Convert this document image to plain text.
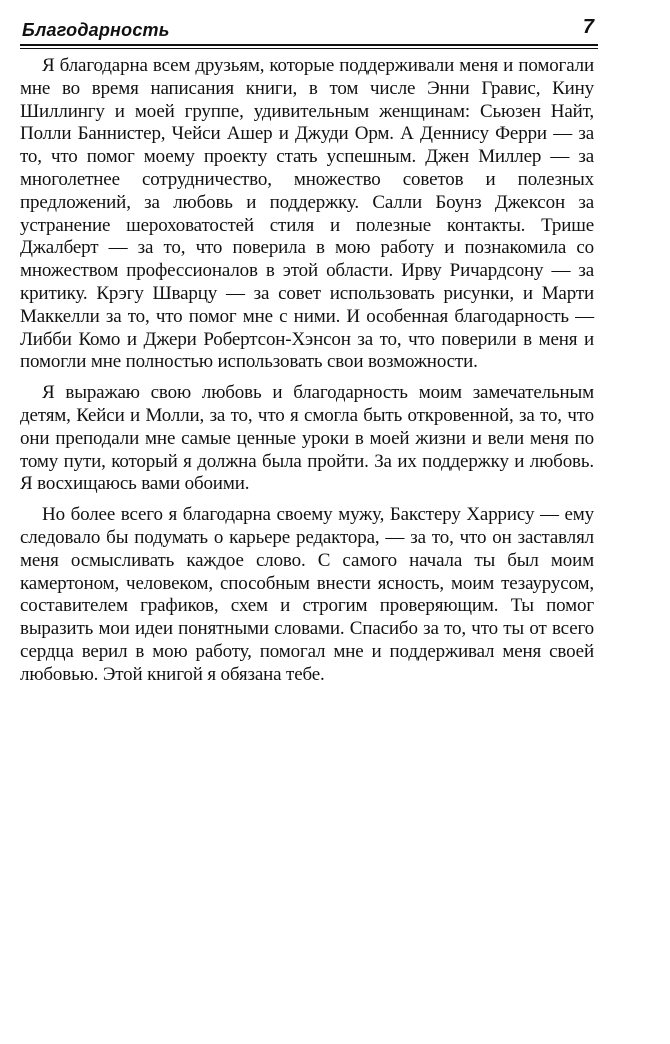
Благодарность	7

Я благодарна всем друзьям, которые поддерживали меня и помогали мне во время написания книги, в том числе Энни Гравис, Кину Шиллингу и моей группе, удивительным женщинам: Сьюзен Найт, Полли Баннистер, Чейси Ашер и Джуди Орм. А Деннису Ферри — за то, что помог моему проекту стать успешным. Джен Миллер — за многолетнее сотрудничество, множество советов и полезных предложений, за любовь и поддержку. Салли Боунз Джексон за устранение шероховатостей стиля и полезные контакты. Трише Джалберт — за то, что поверила в мою работу и познакомила со множеством профессионалов в этой области. Ирву Ричардсону — за критику. Крэгу Шварцу — за совет использовать рисунки, и Марти Маккелли за то, что помог мне с ними. И особенная благодарность — Либби Комо и Джери Робертсон-Хэнсон за то, что поверили в меня и помогли мне полностью использовать свои возможности.

Я выражаю свою любовь и благодарность моим замечательным детям, Кейси и Молли, за то, что я смогла быть откровенной, за то, что они преподали мне самые ценные уроки в моей жизни и вели меня по тому пути, который я должна была пройти. За их поддержку и любовь. Я восхищаюсь вами обоими.

Но более всего я благодарна своему мужу, Бакстеру Харрису — ему следовало бы подумать о карьере редактора, — за то, что он заставлял меня осмысливать каждое слово. С самого начала ты был моим камертоном, человеком, способным внести ясность, моим тезаурусом, составителем графиков, схем и строгим проверяющим. Ты помог выразить мои идеи понятными словами. Спасибо за то, что ты от всего сердца верил в мою работу, помогал мне и поддерживал меня своей любовью. Этой книгой я обязана тебе.
